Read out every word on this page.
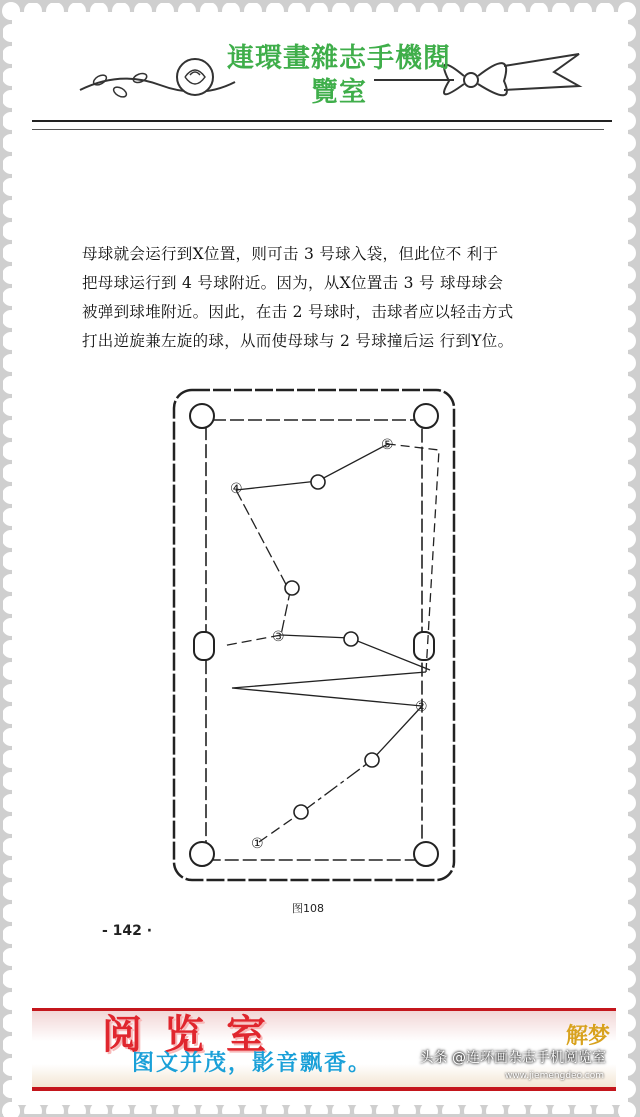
連環畫雜志手機閱
覽室
母球就会运行到X位置，则可击 3 号球入袋，但此位不 利于
把母球运行到 4 号球附近。因为，从X位置击 3 号 球母球会
被弹到球堆附近。因此，在击 2 号球时，击球者应以轻击方式
打出逆旋兼左旋的球，从而使母球与 2 号球撞后运 行到Y位。
①
②
③
④
⑤
图108
- 142 ·
阅览室
图文并茂，影音飘香。
解梦
头条 @连环画杂志手机阅览室
www.jiemengdeo.com
